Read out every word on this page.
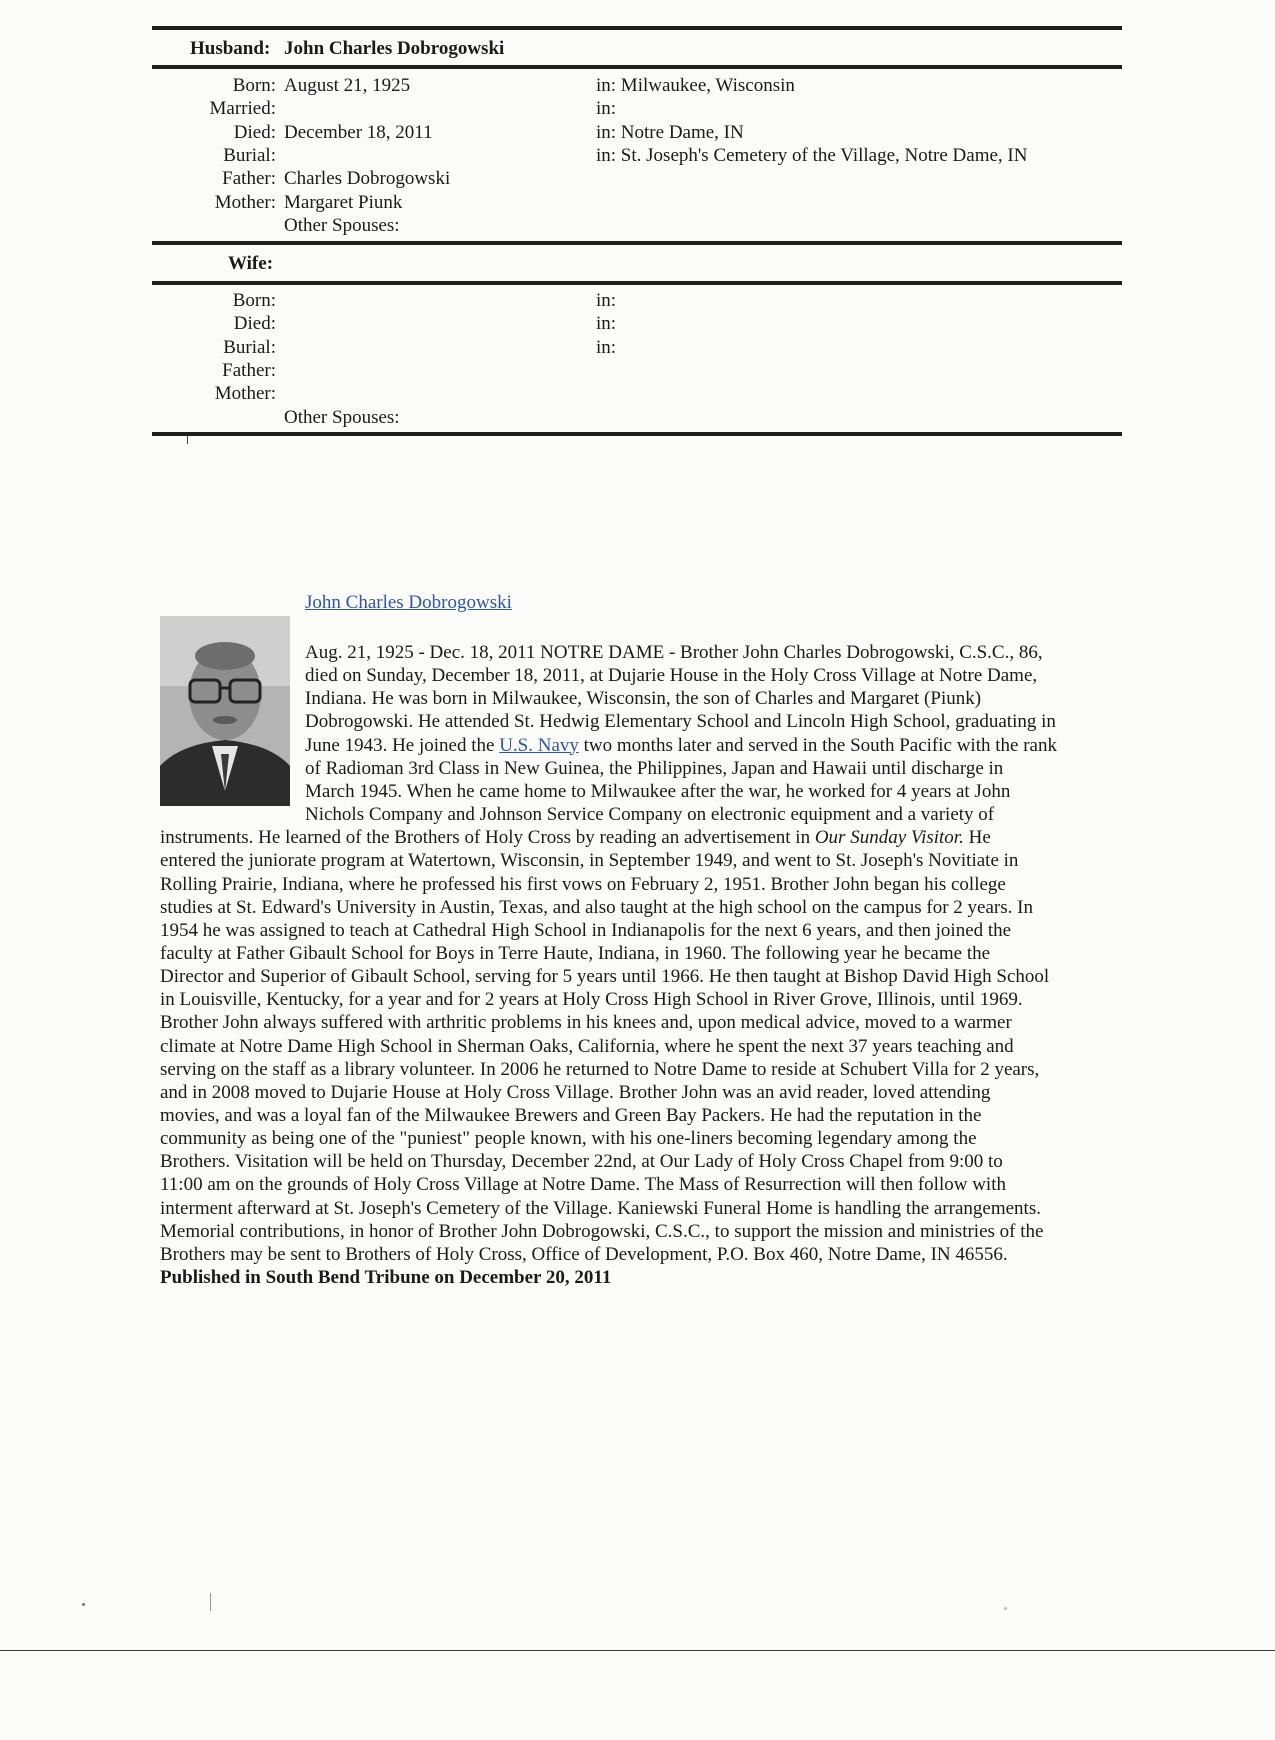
Husband: John Charles Dobrogowski
Born: August 21, 1925	in: Milwaukee, Wisconsin
Married:	in:
Died: December 18, 2011	in: Notre Dame, IN
Burial:	in: St. Joseph's Cemetery of the Village, Notre Dame, IN
Father: Charles Dobrogowski
Mother: Margaret Piunk
Other Spouses:
Wife:
Born:	in:
Died:	in:
Burial:	in:
Father:
Mother:
Other Spouses:
John Charles Dobrogowski
Aug. 21, 1925 - Dec. 18, 2011 NOTRE DAME - Brother John Charles Dobrogowski, C.S.C., 86,
died on Sunday, December 18, 2011, at Dujarie House in the Holy Cross Village at Notre Dame,
Indiana. He was born in Milwaukee, Wisconsin, the son of Charles and Margaret (Piunk)
Dobrogowski. He attended St. Hedwig Elementary School and Lincoln High School, graduating in
June 1943. He joined the U.S. Navy two months later and served in the South Pacific with the rank
of Radioman 3rd Class in New Guinea, the Philippines, Japan and Hawaii until discharge in
March 1945. When he came home to Milwaukee after the war, he worked for 4 years at John
Nichols Company and Johnson Service Company on electronic equipment and a variety of
instruments. He learned of the Brothers of Holy Cross by reading an advertisement in Our Sunday Visitor. He
entered the juniorate program at Watertown, Wisconsin, in September 1949, and went to St. Joseph's Novitiate in
Rolling Prairie, Indiana, where he professed his first vows on February 2, 1951. Brother John began his college
studies at St. Edward's University in Austin, Texas, and also taught at the high school on the campus for 2 years. In
1954 he was assigned to teach at Cathedral High School in Indianapolis for the next 6 years, and then joined the
faculty at Father Gibault School for Boys in Terre Haute, Indiana, in 1960. The following year he became the
Director and Superior of Gibault School, serving for 5 years until 1966. He then taught at Bishop David High School
in Louisville, Kentucky, for a year and for 2 years at Holy Cross High School in River Grove, Illinois, until 1969.
Brother John always suffered with arthritic problems in his knees and, upon medical advice, moved to a warmer
climate at Notre Dame High School in Sherman Oaks, California, where he spent the next 37 years teaching and
serving on the staff as a library volunteer. In 2006 he returned to Notre Dame to reside at Schubert Villa for 2 years,
and in 2008 moved to Dujarie House at Holy Cross Village. Brother John was an avid reader, loved attending
movies, and was a loyal fan of the Milwaukee Brewers and Green Bay Packers. He had the reputation in the
community as being one of the "puniest" people known, with his one-liners becoming legendary among the
Brothers. Visitation will be held on Thursday, December 22nd, at Our Lady of Holy Cross Chapel from 9:00 to
11:00 am on the grounds of Holy Cross Village at Notre Dame. The Mass of Resurrection will then follow with
interment afterward at St. Joseph's Cemetery of the Village. Kaniewski Funeral Home is handling the arrangements.
Memorial contributions, in honor of Brother John Dobrogowski, C.S.C., to support the mission and ministries of the
Brothers may be sent to Brothers of Holy Cross, Office of Development, P.O. Box 460, Notre Dame, IN 46556.
Published in South Bend Tribune on December 20, 2011
